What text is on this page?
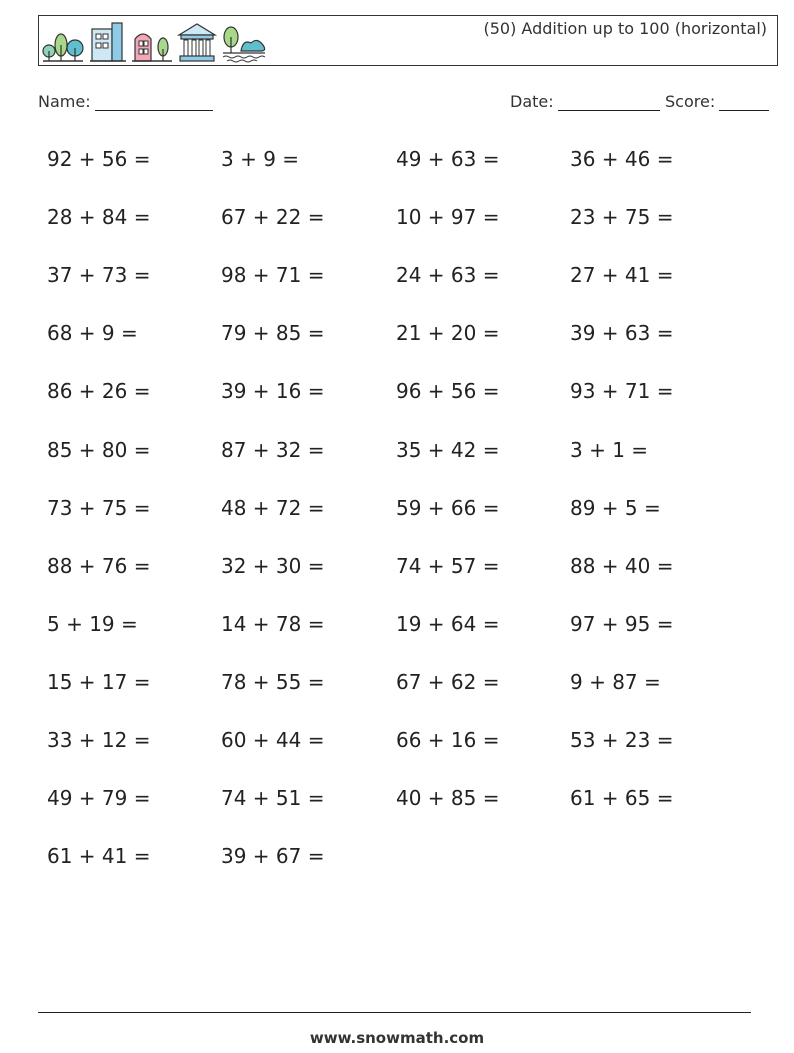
(50) Addition up to 100 (horizontal)
Name:	Date:	Score:
92 + 56 =	3 + 9 =	49 + 63 =	36 + 46 =
28 + 84 =	67 + 22 =	10 + 97 =	23 + 75 =
37 + 73 =	98 + 71 =	24 + 63 =	27 + 41 =
68 + 9 =	79 + 85 =	21 + 20 =	39 + 63 =
86 + 26 =	39 + 16 =	96 + 56 =	93 + 71 =
85 + 80 =	87 + 32 =	35 + 42 =	3 + 1 =
73 + 75 =	48 + 72 =	59 + 66 =	89 + 5 =
88 + 76 =	32 + 30 =	74 + 57 =	88 + 40 =
5 + 19 =	14 + 78 =	19 + 64 =	97 + 95 =
15 + 17 =	78 + 55 =	67 + 62 =	9 + 87 =
33 + 12 =	60 + 44 =	66 + 16 =	53 + 23 =
49 + 79 =	74 + 51 =	40 + 85 =	61 + 65 =
61 + 41 =	39 + 67 =
www.snowmath.com
